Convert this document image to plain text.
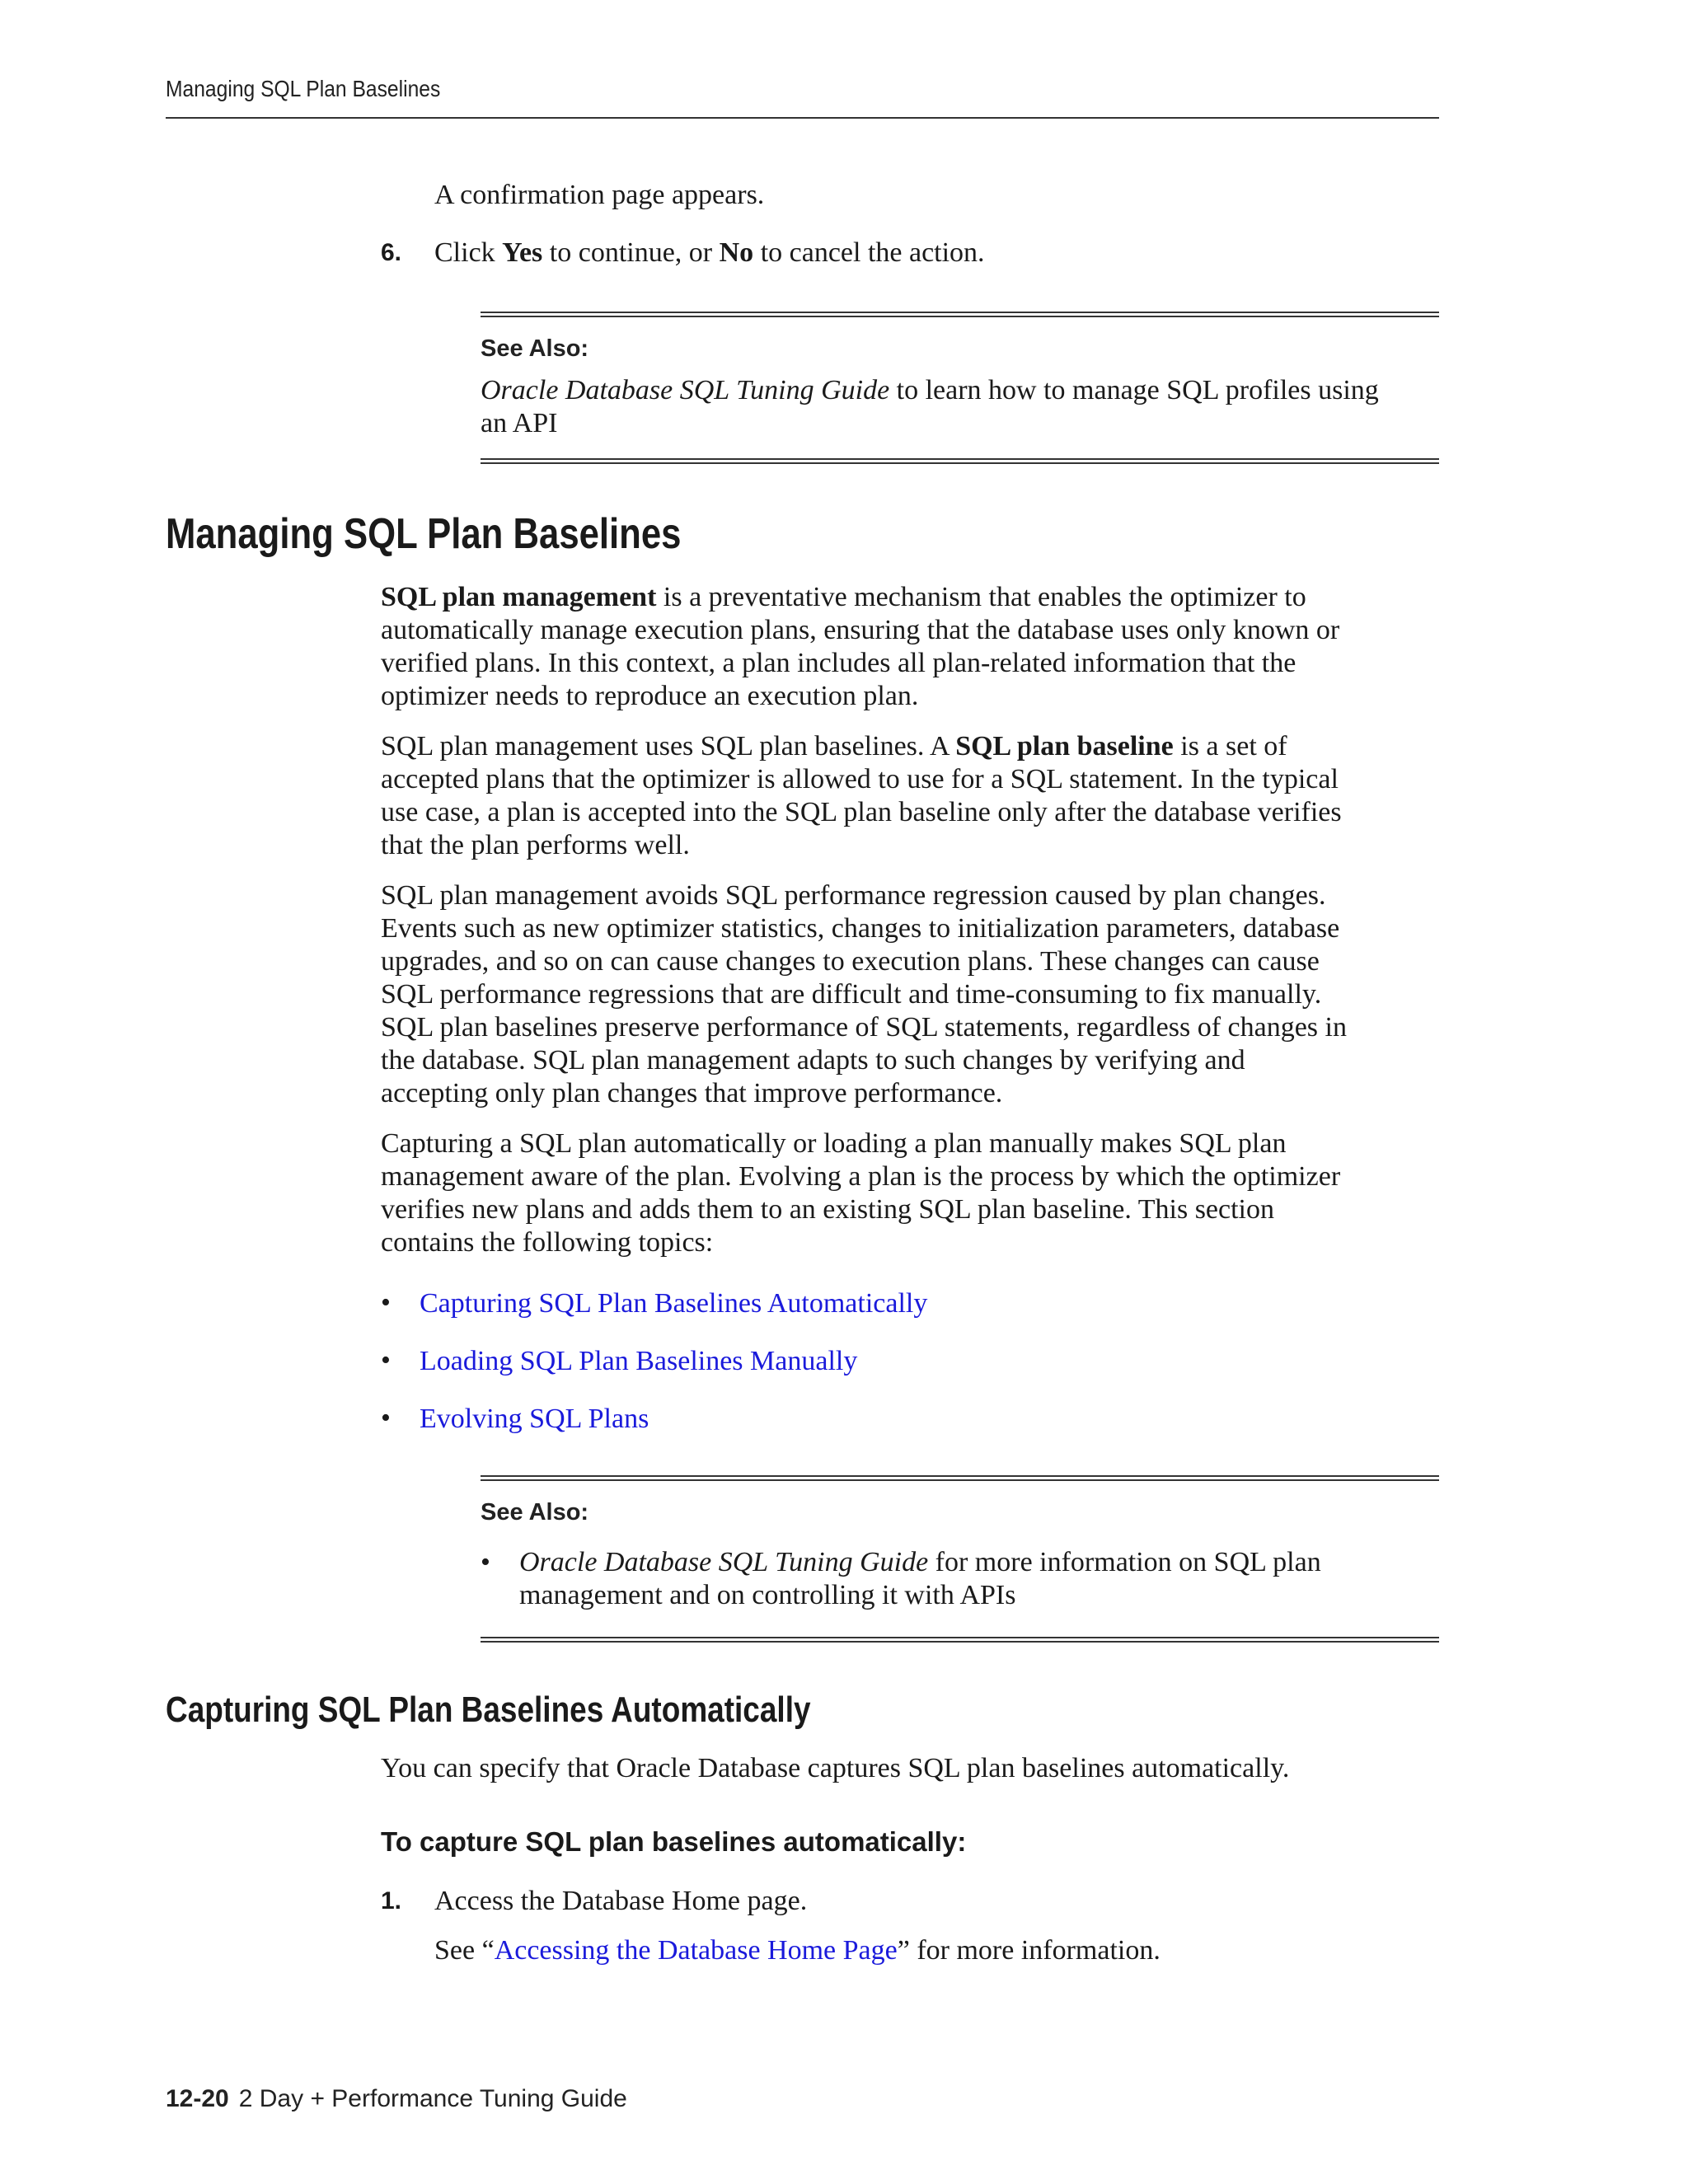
Managing SQL Plan Baselines
A confirmation page appears.
6. Click Yes to continue, or No to cancel the action.
See Also:
Oracle Database SQL Tuning Guide to learn how to manage SQL profiles using
an API
Managing SQL Plan Baselines
SQL plan management is a preventative mechanism that enables the optimizer to
automatically manage execution plans, ensuring that the database uses only known or
verified plans. In this context, a plan includes all plan-related information that the
optimizer needs to reproduce an execution plan.
SQL plan management uses SQL plan baselines. A SQL plan baseline is a set of
accepted plans that the optimizer is allowed to use for a SQL statement. In the typical
use case, a plan is accepted into the SQL plan baseline only after the database verifies
that the plan performs well.
SQL plan management avoids SQL performance regression caused by plan changes.
Events such as new optimizer statistics, changes to initialization parameters, database
upgrades, and so on can cause changes to execution plans. These changes can cause
SQL performance regressions that are difficult and time-consuming to fix manually.
SQL plan baselines preserve performance of SQL statements, regardless of changes in
the database. SQL plan management adapts to such changes by verifying and
accepting only plan changes that improve performance.
Capturing a SQL plan automatically or loading a plan manually makes SQL plan
management aware of the plan. Evolving a plan is the process by which the optimizer
verifies new plans and adds them to an existing SQL plan baseline. This section
contains the following topics:
• Capturing SQL Plan Baselines Automatically
• Loading SQL Plan Baselines Manually
• Evolving SQL Plans
See Also:
• Oracle Database SQL Tuning Guide for more information on SQL plan
management and on controlling it with APIs
Capturing SQL Plan Baselines Automatically
You can specify that Oracle Database captures SQL plan baselines automatically.
To capture SQL plan baselines automatically:
1. Access the Database Home page.
See “Accessing the Database Home Page” for more information.
12-20 2 Day + Performance Tuning Guide
